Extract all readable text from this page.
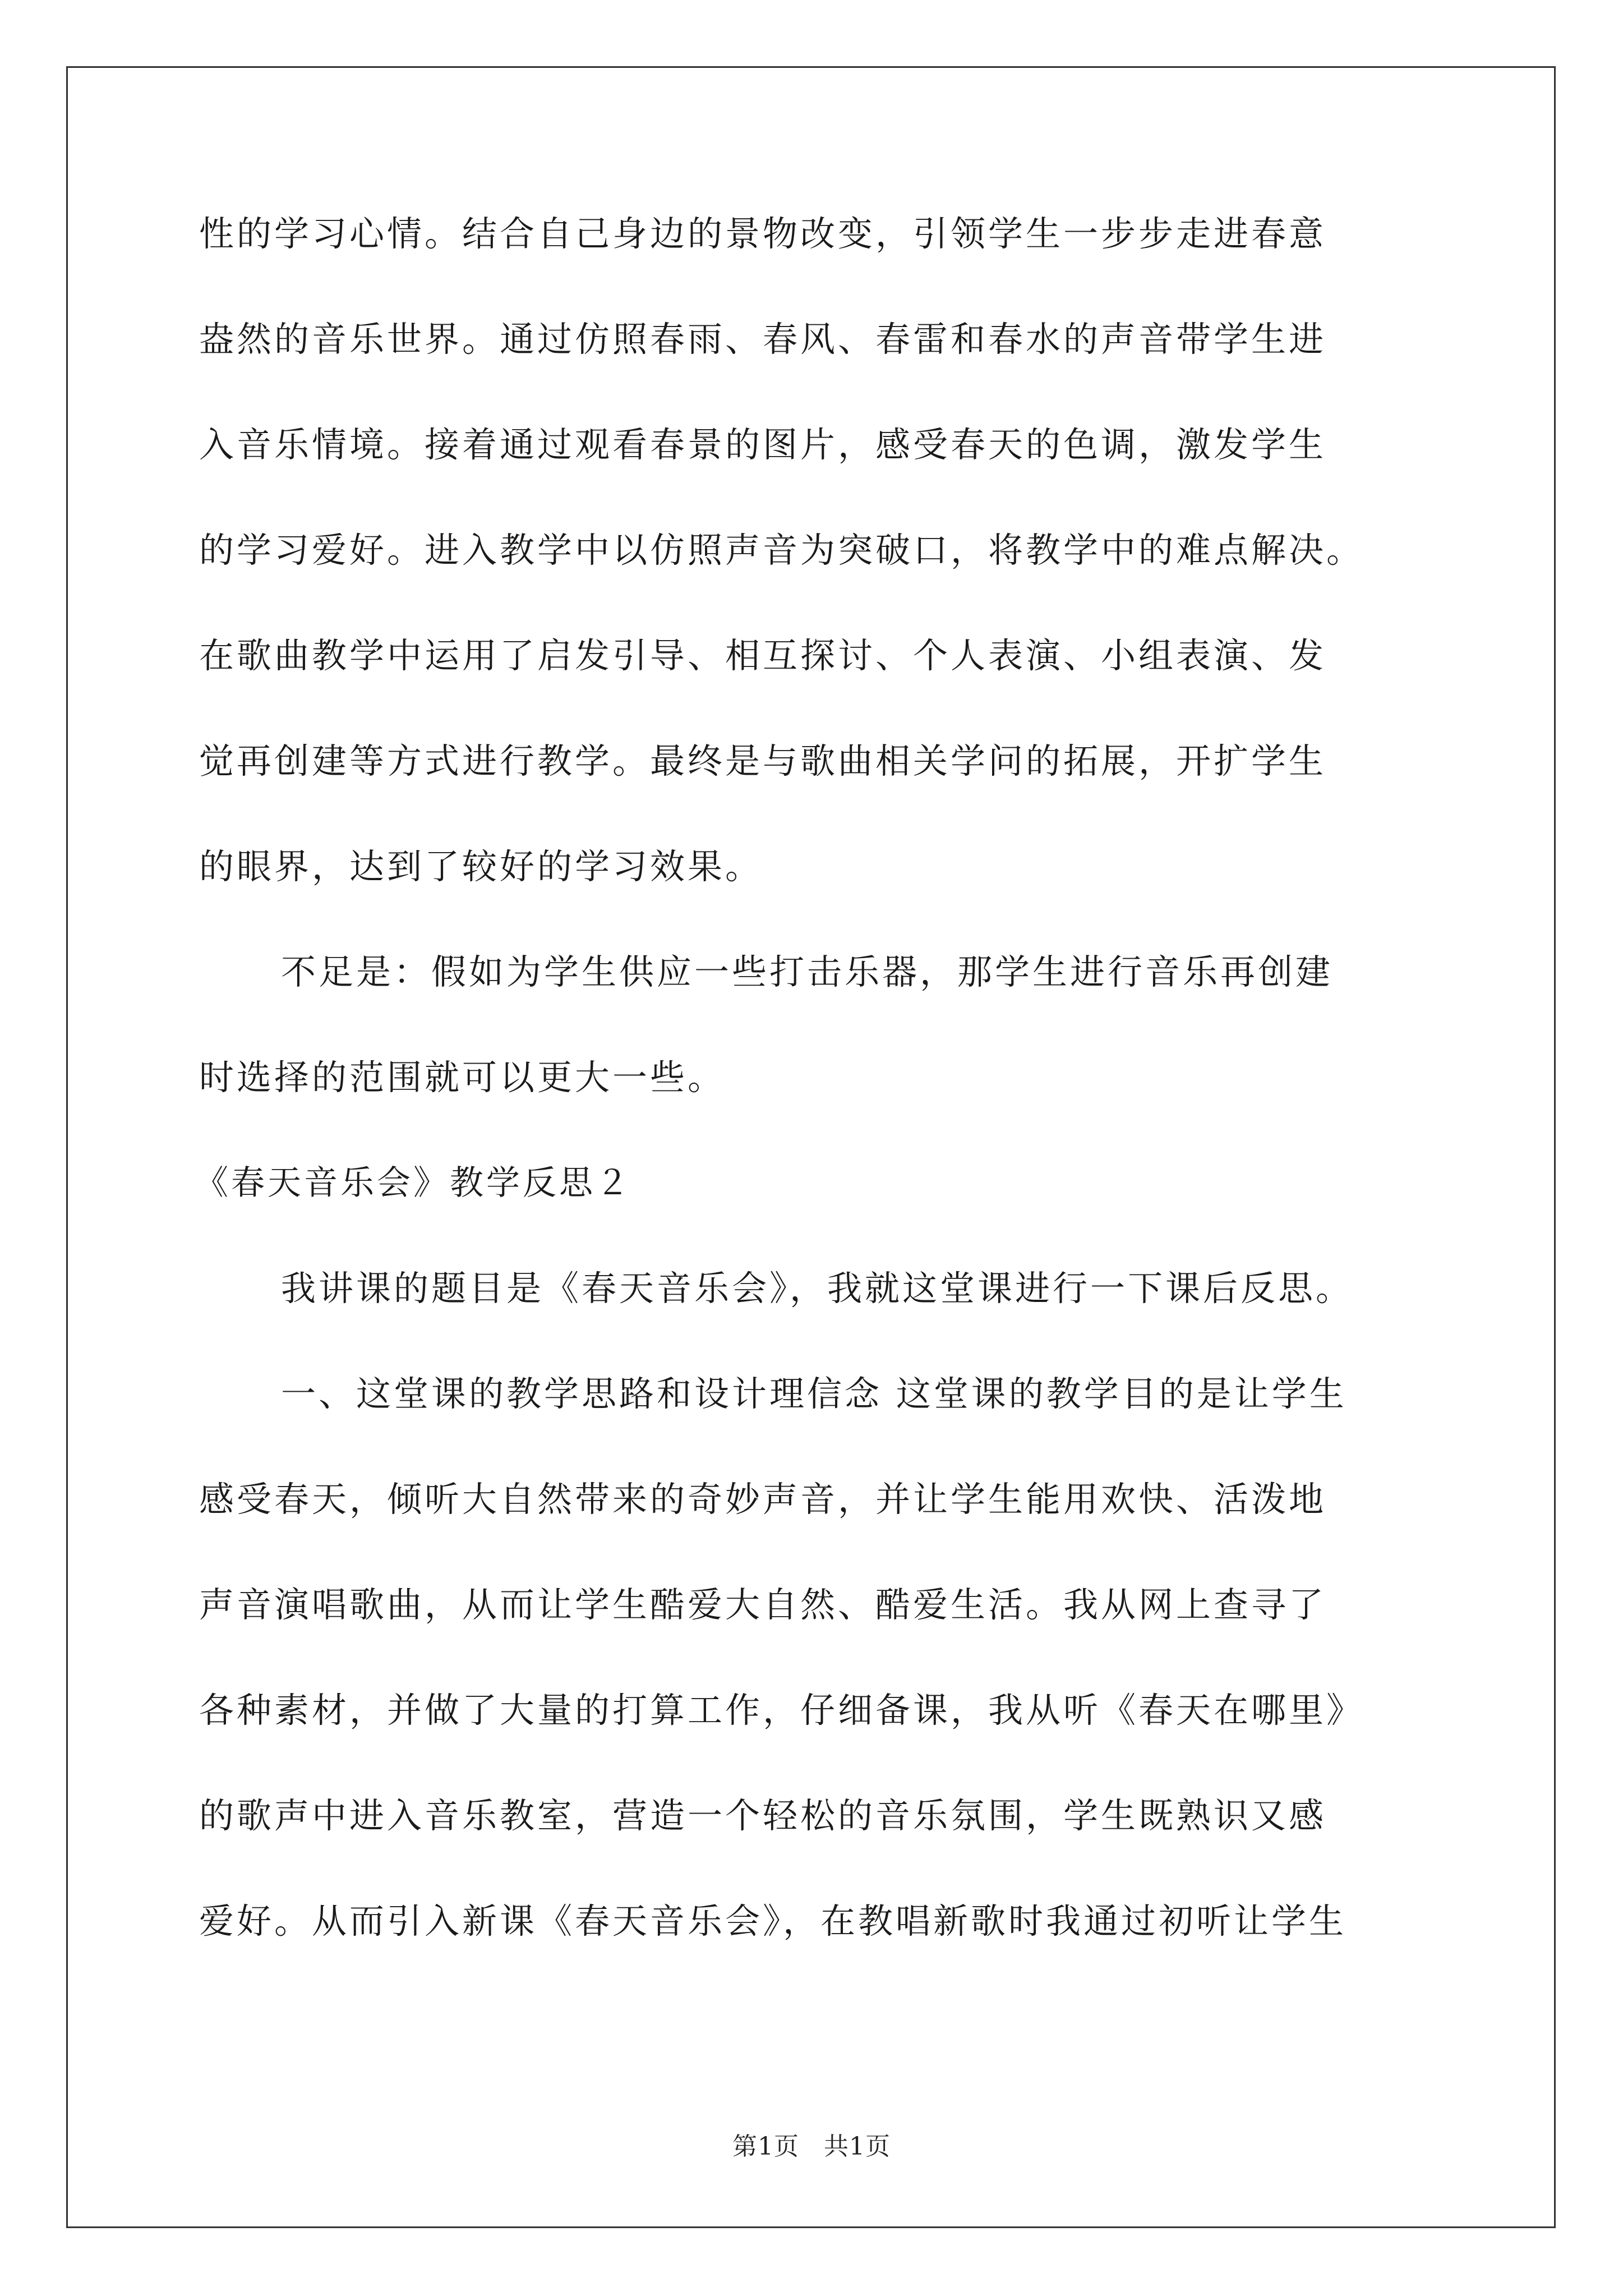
性的学习心情。结合自己身边的景物改变，引领学生一步步走进春意
盎然的音乐世界。通过仿照春雨、春风、春雷和春水的声音带学生进
入音乐情境。接着通过观看春景的图片，感受春天的色调，激发学生
的学习爱好。进入教学中以仿照声音为突破口，将教学中的难点解决。
在歌曲教学中运用了启发引导、相互探讨、个人表演、小组表演、发
觉再创建等方式进行教学。最终是与歌曲相关学问的拓展，开扩学生
的眼界，达到了较好的学习效果。
不足是：假如为学生供应一些打击乐器，那学生进行音乐再创建
时选择的范围就可以更大一些。
《春天音乐会》教学反思２
我讲课的题目是《春天音乐会》，我就这堂课进行一下课后反思。
一、这堂课的教学思路和设计理信念 这堂课的教学目的是让学生
感受春天，倾听大自然带来的奇妙声音，并让学生能用欢快、活泼地
声音演唱歌曲，从而让学生酷爱大自然、酷爱生活。我从网上查寻了
各种素材，并做了大量的打算工作，仔细备课，我从听《春天在哪里》
的歌声中进入音乐教室，营造一个轻松的音乐氛围，学生既熟识又感
爱好。从而引入新课《春天音乐会》，在教唱新歌时我通过初听让学生
第1页 共1页
